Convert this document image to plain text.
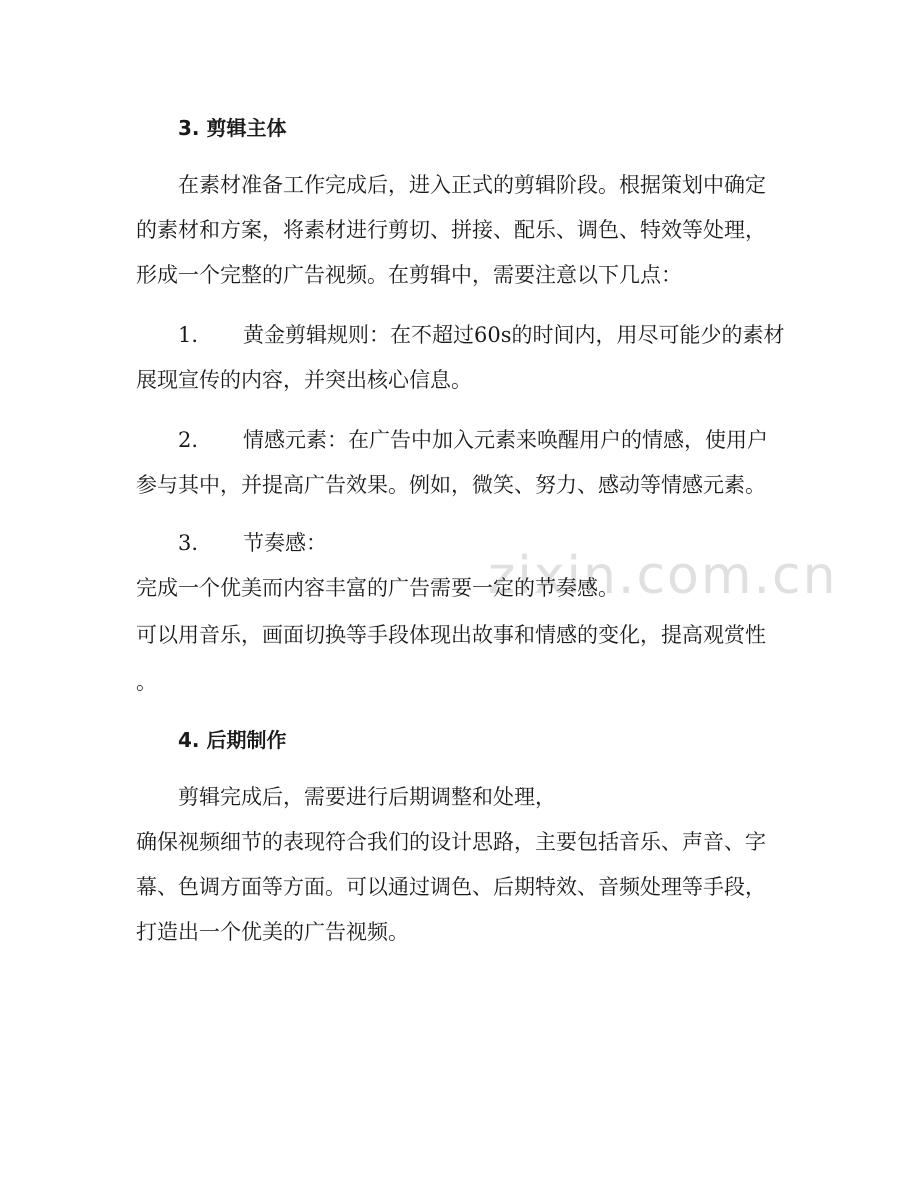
zixin.com.cn
3. 剪辑主体
在素材准备工作完成后，进入正式的剪辑阶段。根据策划中确定
的素材和方案，将素材进行剪切、拼接、配乐、调色、特效等处理，
形成一个完整的广告视频。在剪辑中，需要注意以下几点：
1. 黄金剪辑规则：在不超过60s的时间内，用尽可能少的素材
展现宣传的内容，并突出核心信息。
2. 情感元素：在广告中加入元素来唤醒用户的情感，使用户
参与其中，并提高广告效果。例如，微笑、努力、感动等情感元素。
3. 节奏感：
完成一个优美而内容丰富的广告需要一定的节奏感。
可以用音乐，画面切换等手段体现出故事和情感的变化，提高观赏性
。
4. 后期制作
剪辑完成后，需要进行后期调整和处理，
确保视频细节的表现符合我们的设计思路，主要包括音乐、声音、字
幕、色调方面等方面。可以通过调色、后期特效、音频处理等手段，
打造出一个优美的广告视频。
